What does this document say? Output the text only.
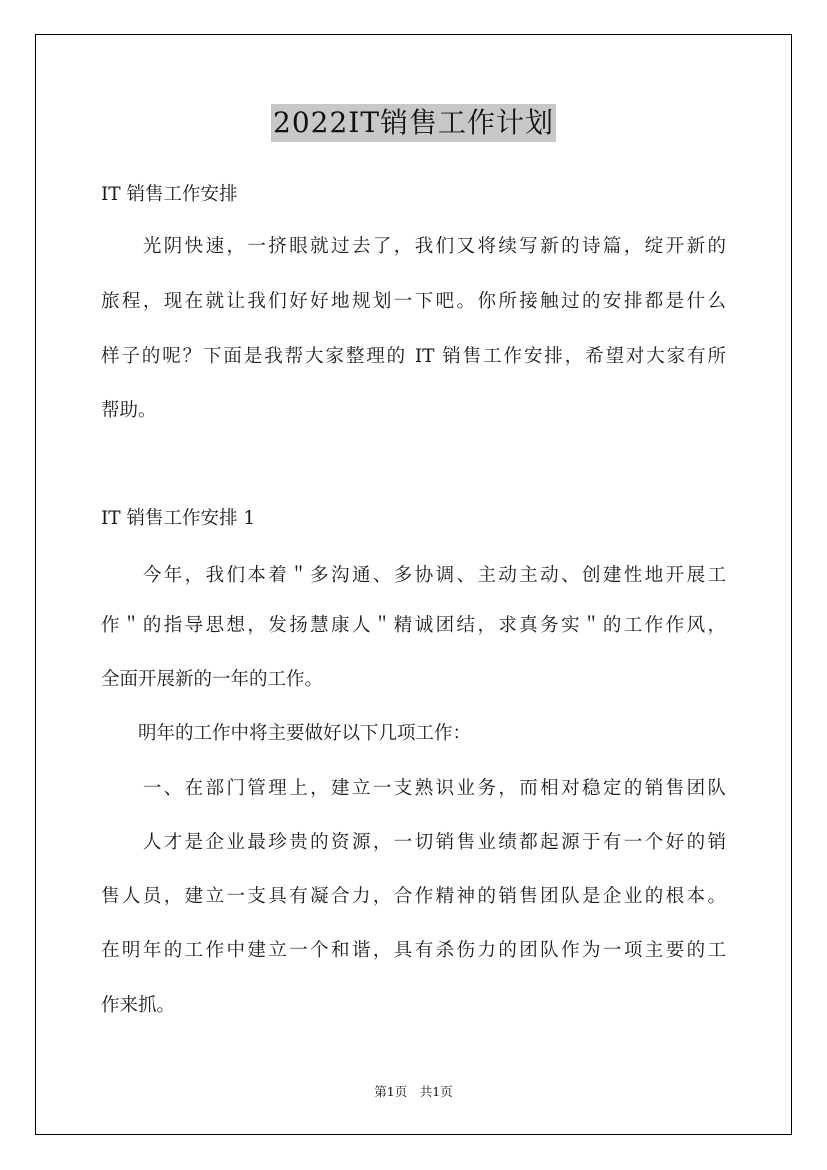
2022IT销售工作计划
IT 销售工作安排
　　光阴快速，一挤眼就过去了，我们又将续写新的诗篇，绽开新的
旅程，现在就让我们好好地规划一下吧。你所接触过的安排都是什么
样子的呢？下面是我帮大家整理的 IT 销售工作安排，希望对大家有所
帮助。
IT 销售工作安排 1
　　今年，我们本着＂多沟通、多协调、主动主动、创建性地开展工
作＂的指导思想，发扬慧康人＂精诚团结，求真务实＂的工作作风，
全面开展新的一年的工作。
　　明年的工作中将主要做好以下几项工作：
　　一、在部门管理上，建立一支熟识业务，而相对稳定的销售团队
　　人才是企业最珍贵的资源，一切销售业绩都起源于有一个好的销
售人员，建立一支具有凝合力，合作精神的销售团队是企业的根本。
在明年的工作中建立一个和谐，具有杀伤力的团队作为一项主要的工
作来抓。
第1页　共1页
